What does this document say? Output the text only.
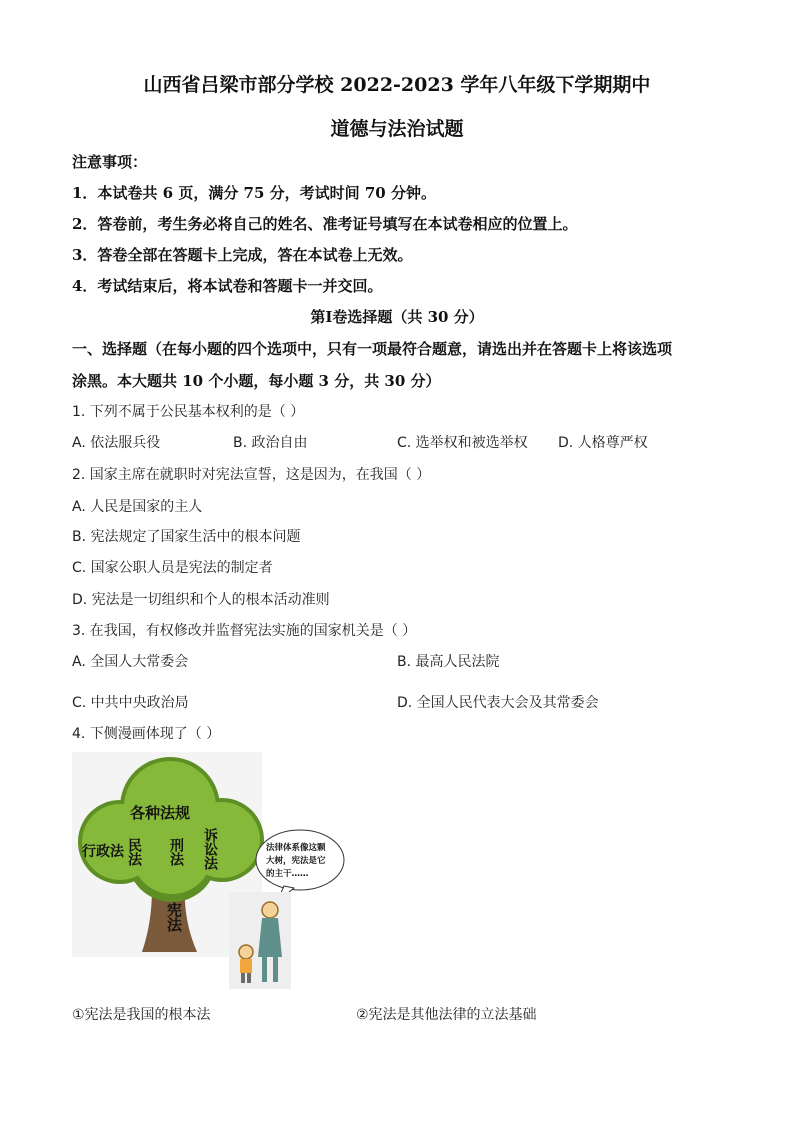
山西省吕梁市部分学校 2022-2023 学年八年级下学期期中
道德与法治试题
注意事项：
1．本试卷共 6 页，满分 75 分，考试时间 70 分钟。
2．答卷前，考生务必将自己的姓名、准考证号填写在本试卷相应的位置上。
3．答卷全部在答题卡上完成，答在本试卷上无效。
4．考试结束后，将本试卷和答题卡一并交回。
第Ⅰ卷选择题（共 30 分）
一、选择题（在每小题的四个选项中，只有一项最符合题意，请选出并在答题卡上将该选项
涂黑。本大题共 10 个小题，每小题 3 分，共 30 分）
1. 下列不属于公民基本权利的是（ ）
A. 依法服兵役	B. 政治自由	C. 选举权和被选举权 D. 人格尊严权
2. 国家主席在就职时对宪法宣誓，这是因为，在我国（ ）
A. 人民是国家的主人
B. 宪法规定了国家生活中的根本问题
C. 国家公职人员是宪法的制定者
D. 宪法是一切组织和个人的根本活动准则
3. 在我国，有权修改并监督宪法实施的国家机关是（ ）
A. 全国人大常委会	B. 最高人民法院
C. 中共中央政治局	D. 全国人民代表大会及其常委会
4. 下侧漫画体现了（ ）
各种法规
行政法 民法 刑法 诉讼法
宪法
法律体系像这颗
大树，宪法是它
的主干……
①宪法是我国的根本法	②宪法是其他法律的立法基础
